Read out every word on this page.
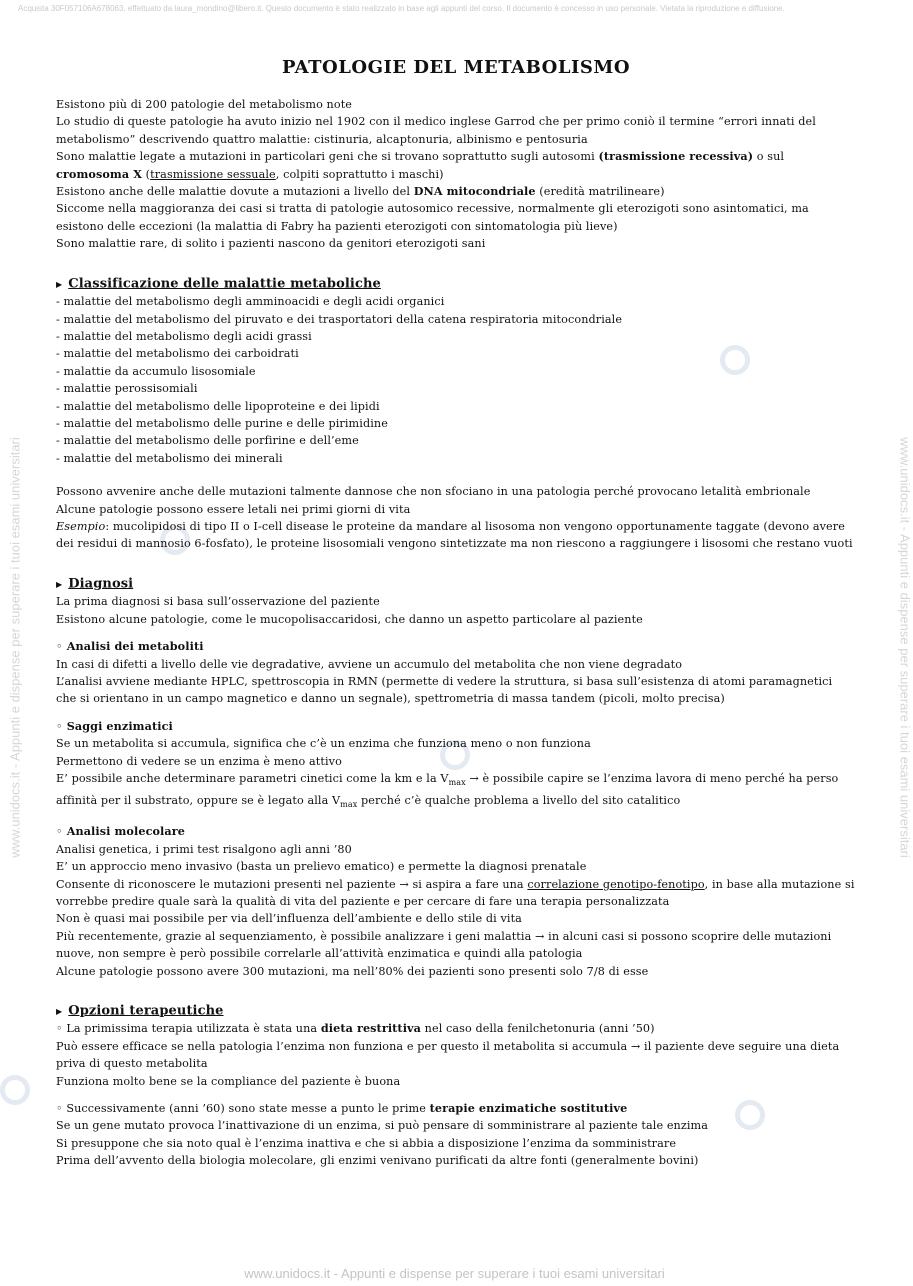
Acquista 30F057106A678063, effettuato da laura_mondino@libero.it. Questo documento è stato realizzato in base agli appunti del corso. Il documento è concesso in uso personale. Vietata la riproduzione e diffusione.
www.unidocs.it - Appunti e dispense per superare i tuoi esami universitari	www.unidocs.it - Appunti e dispense per superare i tuoi esami universitari
www.unidocs.it - Appunti e dispense per superare i tuoi esami universitari
PATOLOGIE DEL METABOLISMO
Esistono più di 200 patologie del metabolismo note
Lo studio di queste patologie ha avuto inizio nel 1902 con il medico inglese Garrod che per primo coniò il termine “errori innati del metabolismo” descrivendo quattro malattie: cistinuria, alcaptonuria, albinismo e pentosuria
Sono malattie legate a mutazioni in particolari geni che si trovano soprattutto sugli autosomi (trasmissione recessiva) o sul cromosoma X (trasmissione sessuale, colpiti soprattutto i maschi)
Esistono anche delle malattie dovute a mutazioni a livello del DNA mitocondriale (eredità matrilineare)
Siccome nella maggioranza dei casi si tratta di patologie autosomico recessive, normalmente gli eterozigoti sono asintomatici, ma esistono delle eccezioni (la malattia di Fabry ha pazienti eterozigoti con sintomatologia più lieve)
Sono malattie rare, di solito i pazienti nascono da genitori eterozigoti sani
▶ Classificazione delle malattie metaboliche
- malattie del metabolismo degli amminoacidi e degli acidi organici
- malattie del metabolismo del piruvato e dei trasportatori della catena respiratoria mitocondriale
- malattie del metabolismo degli acidi grassi
- malattie del metabolismo dei carboidrati
- malattie da accumulo lisosomiale
- malattie perossisomiali
- malattie del metabolismo delle lipoproteine e dei lipidi
- malattie del metabolismo delle purine e delle pirimidine
- malattie del metabolismo delle porfirine e dell’eme
- malattie del metabolismo dei minerali
Possono avvenire anche delle mutazioni talmente dannose che non sfociano in una patologia perché provocano letalità embrionale
Alcune patologie possono essere letali nei primi giorni di vita
Esempio: mucolipidosi di tipo II o I-cell disease le proteine da mandare al lisosoma non vengono opportunamente taggate (devono avere dei residui di mannosio 6-fosfato), le proteine lisosomiali vengono sintetizzate ma non riescono a raggiungere i lisosomi che restano vuoti
▶ Diagnosi
La prima diagnosi si basa sull’osservazione del paziente
Esistono alcune patologie, come le mucopolisaccaridosi, che danno un aspetto particolare al paziente
◦ Analisi dei metaboliti
In casi di difetti a livello delle vie degradative, avviene un accumulo del metabolita che non viene degradato
L’analisi avviene mediante HPLC, spettroscopia in RMN (permette di vedere la struttura, si basa sull’esistenza di atomi paramagnetici che si orientano in un campo magnetico e danno un segnale), spettrometria di massa tandem (picoli, molto precisa)
◦ Saggi enzimatici
Se un metabolita si accumula, significa che c’è un enzima che funziona meno o non funziona
Permettono di vedere se un enzima è meno attivo
E’ possibile anche determinare parametri cinetici come la km e la $V_{max}$ → è possibile capire se l’enzima lavora di meno perché ha perso affinità per il substrato, oppure se è legato alla $V_{max}$ perché c’è qualche problema a livello del sito catalitico
◦ Analisi molecolare
Analisi genetica, i primi test risalgono agli anni ’80
E’ un approccio meno invasivo (basta un prelievo ematico) e permette la diagnosi prenatale
Consente di riconoscere le mutazioni presenti nel paziente → si aspira a fare una correlazione genotipo-fenotipo, in base alla mutazione si vorrebbe predire quale sarà la qualità di vita del paziente e per cercare di fare una terapia personalizzata
Non è quasi mai possibile per via dell’influenza dell’ambiente e dello stile di vita
Più recentemente, grazie al sequenziamento, è possibile analizzare i geni malattia → in alcuni casi si possono scoprire delle mutazioni nuove, non sempre è però possibile correlarle all’attività enzimatica e quindi alla patologia
Alcune patologie possono avere 300 mutazioni, ma nell’80% dei pazienti sono presenti solo 7/8 di esse
▶ Opzioni terapeutiche
◦ La primissima terapia utilizzata è stata una dieta restrittiva nel caso della fenilchetonuria (anni ’50)
Può essere efficace se nella patologia l’enzima non funziona e per questo il metabolita si accumula → il paziente deve seguire una dieta priva di questo metabolita
Funziona molto bene se la compliance del paziente è buona
◦ Successivamente (anni ’60) sono state messe a punto le prime terapie enzimatiche sostitutive
Se un gene mutato provoca l’inattivazione di un enzima, si può pensare di somministrare al paziente tale enzima
Si presuppone che sia noto qual è l’enzima inattiva e che si abbia a disposizione l’enzima da somministrare
Prima dell’avvento della biologia molecolare, gli enzimi venivano purificati da altre fonti (generalmente bovini)
